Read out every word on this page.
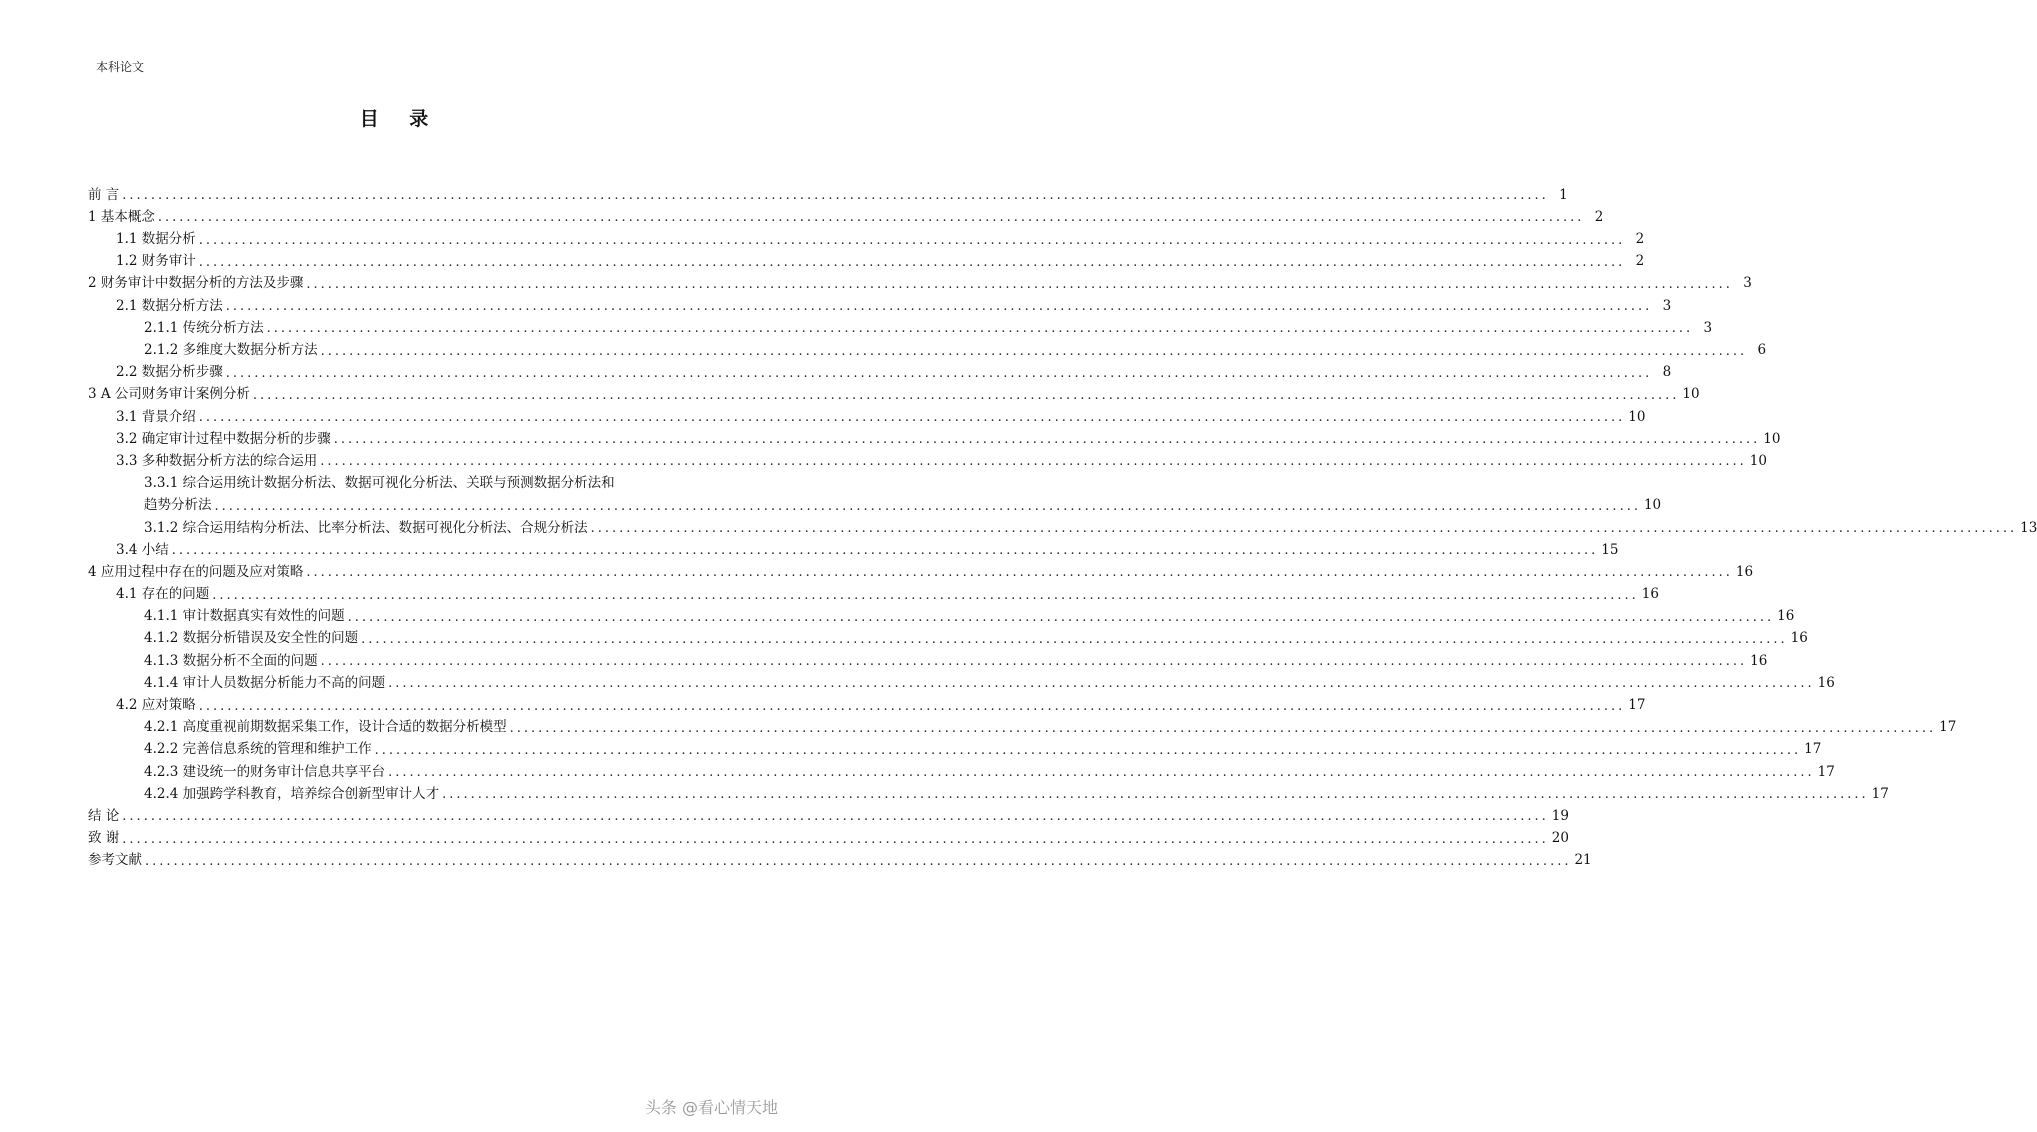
本科论文
目 录
前 言 ........................................................................................................................................................................................................ 1
1 基本概念 ........................................................................................................................................................................................................ 2
1.1 数据分析 ........................................................................................................................................................................................................ 2
1.2 财务审计 ........................................................................................................................................................................................................ 2
2 财务审计中数据分析的方法及步骤 ........................................................................................................................................................................................................ 3
2.1 数据分析方法 ........................................................................................................................................................................................................ 3
2.1.1 传统分析方法 ........................................................................................................................................................................................................ 3
2.1.2 多维度大数据分析方法 ........................................................................................................................................................................................................ 6
2.2 数据分析步骤 ........................................................................................................................................................................................................ 8
3 A 公司财务审计案例分析 ........................................................................................................................................................................................................ 10
3.1 背景介绍 ........................................................................................................................................................................................................ 10
3.2 确定审计过程中数据分析的步骤 ........................................................................................................................................................................................................ 10
3.3 多种数据分析方法的综合运用 ........................................................................................................................................................................................................ 10
3.3.1 综合运用统计数据分析法、数据可视化分析法、关联与预测数据分析法和
趋势分析法 ........................................................................................................................................................................................................ 10
3.1.2 综合运用结构分析法、比率分析法、数据可视化分析法、合规分析法 ........................................................................................................................................................................................................ 13
3.4 小结 ........................................................................................................................................................................................................ 15
4 应用过程中存在的问题及应对策略 ........................................................................................................................................................................................................ 16
4.1 存在的问题 ........................................................................................................................................................................................................ 16
4.1.1 审计数据真实有效性的问题 ........................................................................................................................................................................................................ 16
4.1.2 数据分析错误及安全性的问题 ........................................................................................................................................................................................................ 16
4.1.3 数据分析不全面的问题 ........................................................................................................................................................................................................ 16
4.1.4 审计人员数据分析能力不高的问题 ........................................................................................................................................................................................................ 16
4.2 应对策略 ........................................................................................................................................................................................................ 17
4.2.1 高度重视前期数据采集工作，设计合适的数据分析模型 ........................................................................................................................................................................................................ 17
4.2.2 完善信息系统的管理和维护工作 ........................................................................................................................................................................................................ 17
4.2.3 建设统一的财务审计信息共享平台 ........................................................................................................................................................................................................ 17
4.2.4 加强跨学科教育，培养综合创新型审计人才 ........................................................................................................................................................................................................ 17
结 论 ........................................................................................................................................................................................................ 19
致 谢 ........................................................................................................................................................................................................ 20
参考文献 ........................................................................................................................................................................................................ 21
头条 @看心情天地
